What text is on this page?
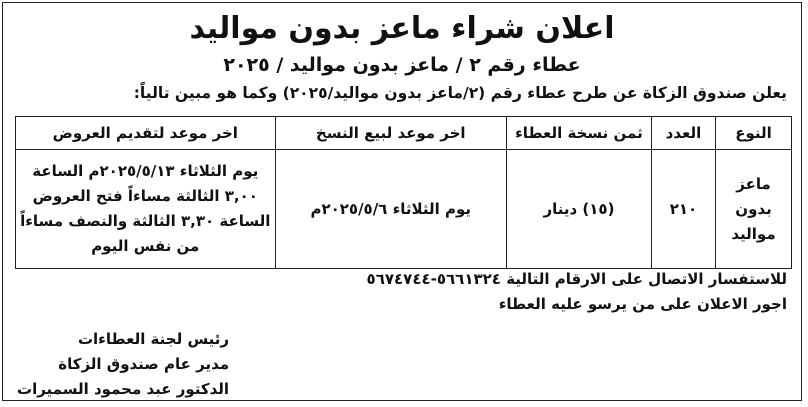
اعلان شراء ماعز بدون مواليد
عطاء رقم ٢ / ماعز بدون مواليد / ٢٠٢٥
يعلن صندوق الزكاة عن طرح عطاء رقم (٢/ماعز بدون مواليد/٢٠٢٥) وكما هو مبين تالياً:
النوع	العدد	ثمن نسخة العطاء	اخر موعد لبيع النسخ	اخر موعد لتقديم العروض
ماعز بدون مواليد	٢١٠	(١٥) دينار	يوم الثلاثاء ٢٠٢٥/٥/٦م	يوم الثلاثاء ٢٠٢٥/٥/١٣م الساعة ٣,٠٠ الثالثة مساءاً فتح العروض الساعة ٣,٣٠ الثالثة والنصف مساءاً من نفس اليوم
للاستفسار الاتصال على الارقام التالية ٥٦٦١٣٢٤-٥٦٧٤٧٤٤
اجور الاعلان على من يرسو عليه العطاء
رئيس لجنة العطاءات
مدير عام صندوق الزكاة
الدكتور عبد محمود السميرات
